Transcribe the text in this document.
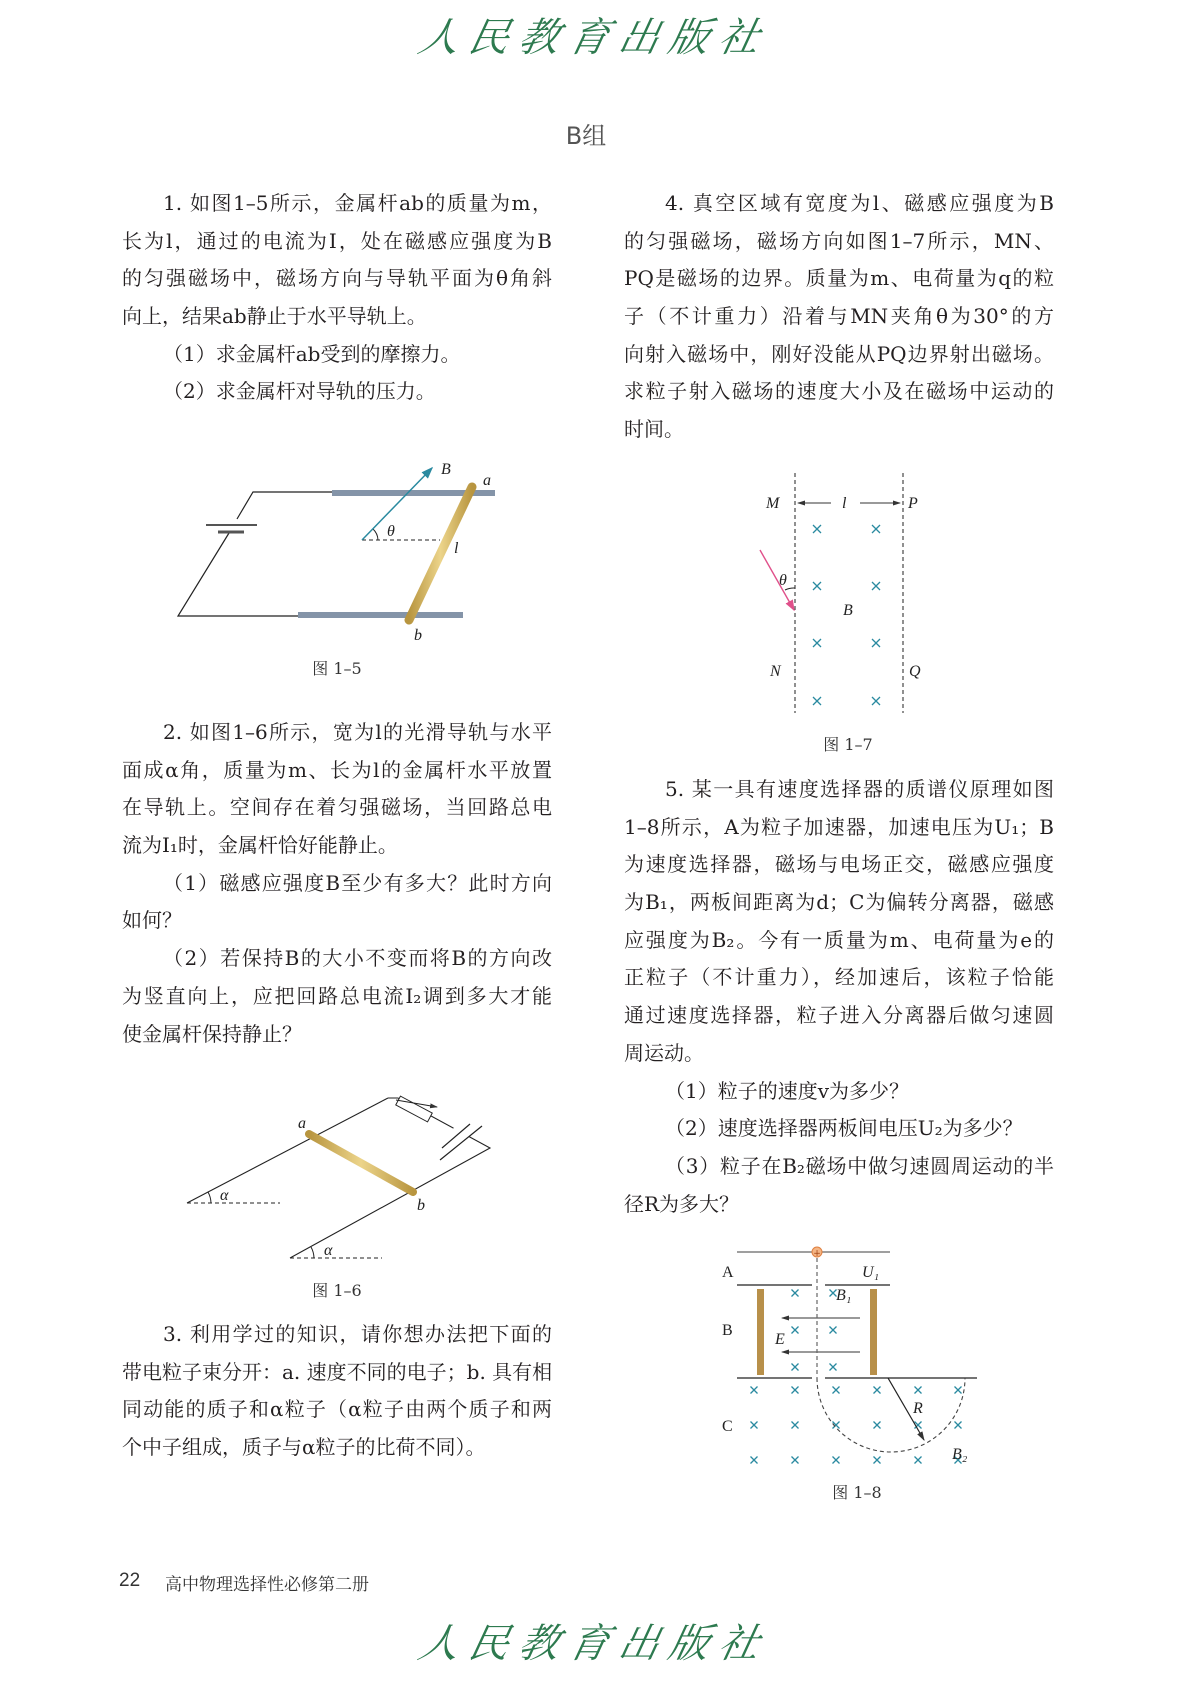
人民教育出版社
B组
1. 如图1–5所示，金属杆ab的质量为m，
长为l，通过的电流为I，处在磁感应强度为B
的匀强磁场中，磁场方向与导轨平面为θ角斜
向上，结果ab静止于水平导轨上。
（1）求金属杆ab受到的摩擦力。
（2）求金属杆对导轨的压力。
2. 如图1–6所示，宽为l的光滑导轨与水平
面成α角，质量为m、长为l的金属杆水平放置
在导轨上。空间存在着匀强磁场，当回路总电
流为I₁时，金属杆恰好能静止。
（1）磁感应强度B至少有多大？此时方向
如何？
（2）若保持B的大小不变而将B的方向改
为竖直向上，应把回路总电流I₂调到多大才能
使金属杆保持静止？
3. 利用学过的知识，请你想办法把下面的
带电粒子束分开：a. 速度不同的电子；b. 具有相
同动能的质子和α粒子（α粒子由两个质子和两
个中子组成，质子与α粒子的比荷不同）。
4. 真空区域有宽度为l、磁感应强度为B
的匀强磁场，磁场方向如图1–7所示，MN、
PQ是磁场的边界。质量为m、电荷量为q的粒
子（不计重力）沿着与MN夹角θ为30°的方
向射入磁场中，刚好没能从PQ边界射出磁场。
求粒子射入磁场的速度大小及在磁场中运动的
时间。
5. 某一具有速度选择器的质谱仪原理如图
1–8所示，A为粒子加速器，加速电压为U₁；B
为速度选择器，磁场与电场正交，磁感应强度
为B₁，两板间距离为d；C为偏转分离器，磁感
应强度为B₂。今有一质量为m、电荷量为e的
正粒子（不计重力），经加速后，该粒子恰能
通过速度选择器，粒子进入分离器后做匀速圆
周运动。
（1）粒子的速度v为多少？
（2）速度选择器两板间电压U₂为多少？
（3）粒子在B₂磁场中做匀速圆周运动的半
径R为多大？
B
a
l
b
θ
图 1–5
a
b
α
α
图 1–6
M	P
N	Q
l
B
θ
图 1–7
+
A	U₁
B₁
B
E
C
R
B₂
图 1–8
22 高中物理选择性必修第二册
人民教育出版社
